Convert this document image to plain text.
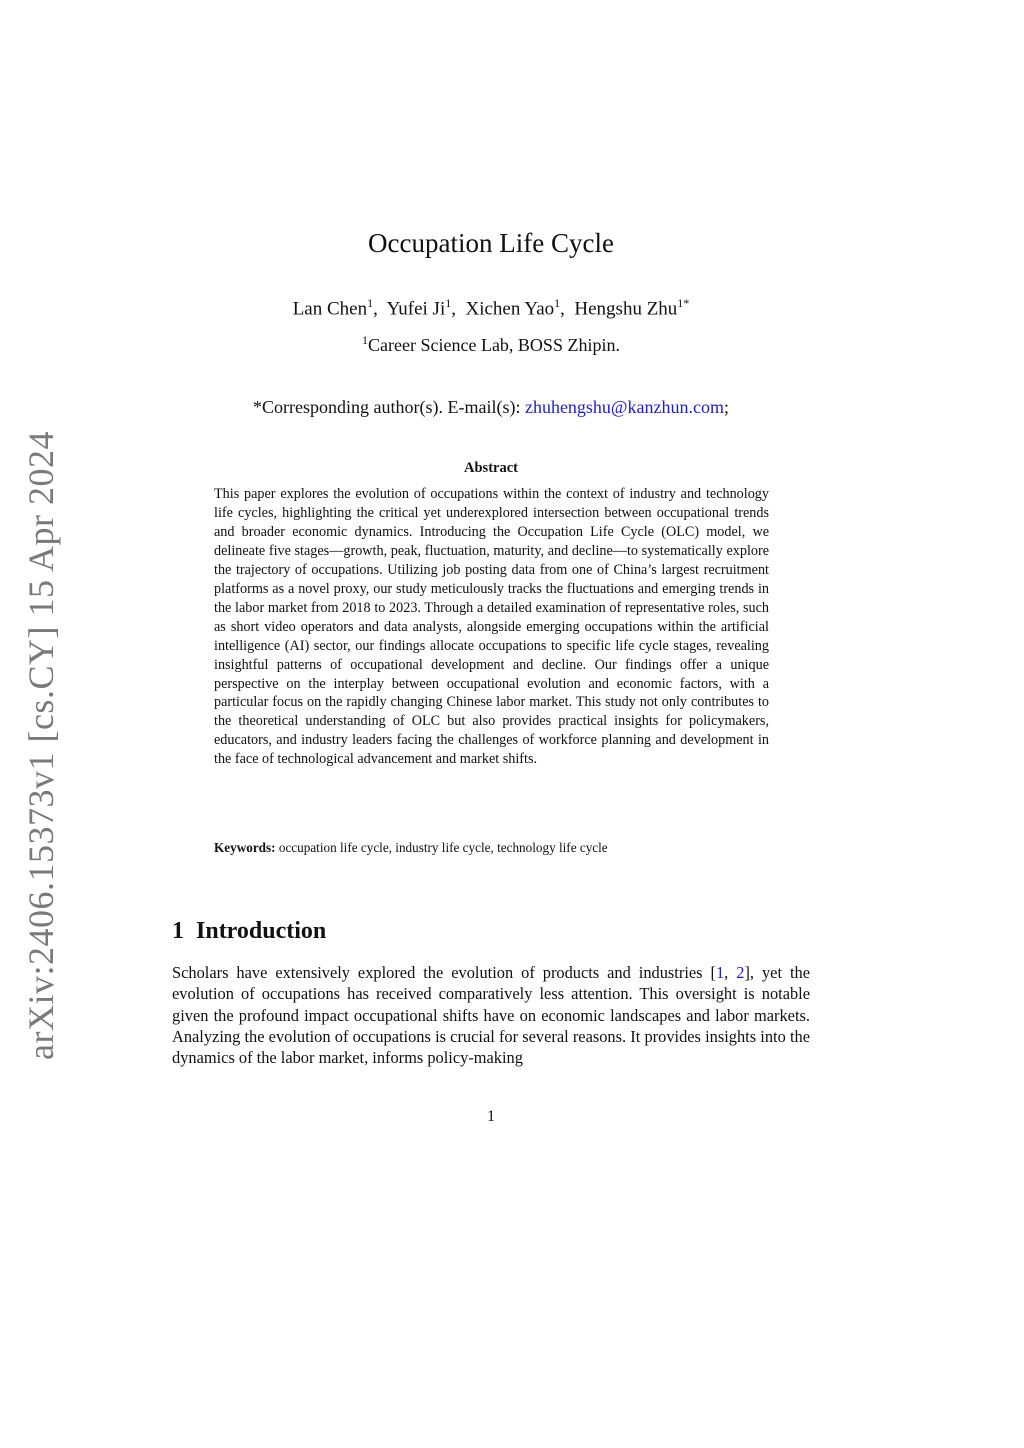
arXiv:2406.15373v1 [cs.CY] 15 Apr 2024
Occupation Life Cycle
Lan Chen$^1$,  Yufei Ji$^1$,  Xichen Yao$^1$,  Hengshu Zhu$^{1*}$
$^1$Career Science Lab, BOSS Zhipin.
*Corresponding author(s). E-mail(s): zhuhengshu@kanzhun.com;
Abstract

This paper explores the evolution of occupations within the context of industry and technology life cycles, highlighting the critical yet underexplored intersection between occupational trends and broader economic dynamics. Introducing the Occupation Life Cycle (OLC) model, we delineate five stages—growth, peak, fluctuation, maturity, and decline—to systematically explore the trajectory of occupations. Utilizing job posting data from one of China’s largest recruitment platforms as a novel proxy, our study meticulously tracks the fluctuations and emerging trends in the labor market from 2018 to 2023. Through a detailed examination of representative roles, such as short video operators and data analysts, alongside emerging occupations within the artificial intelligence (AI) sector, our findings allocate occupations to specific life cycle stages, revealing insightful patterns of occupational development and decline. Our findings offer a unique perspective on the interplay between occupational evolution and economic factors, with a particular focus on the rapidly changing Chinese labor market. This study not only contributes to the theoretical understanding of OLC but also provides practical insights for policymakers, educators, and industry leaders facing the challenges of workforce planning and development in the face of technological advancement and market shifts.

Keywords: occupation life cycle, industry life cycle, technology life cycle
1 Introduction

Scholars have extensively explored the evolution of products and industries [1, 2], yet the evolution of occupations has received comparatively less attention. This oversight is notable given the profound impact occupational shifts have on economic landscapes and labor markets. Analyzing the evolution of occupations is crucial for several reasons. It provides insights into the dynamics of the labor market, informs policy-making

1
